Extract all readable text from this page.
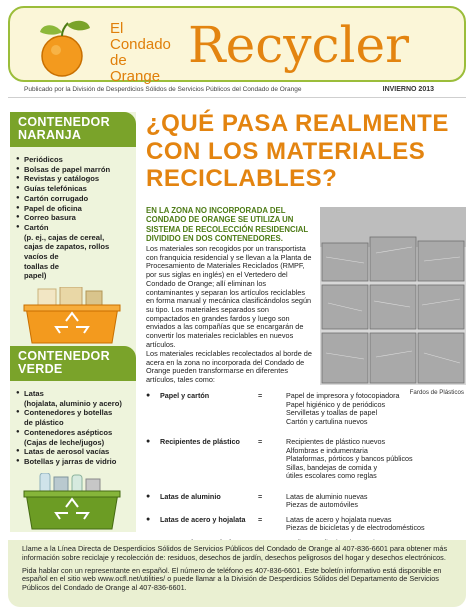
El
Condado
de Orange
Recycler
Publicado por la División de Desperdicios Sólidos de Servicios Públicos del Condado de Orange	INVIERNO 2013
CONTENEDOR
NARANJA
● Periódicos
● Bolsas de papel marrón
● Revistas y catálogos
● Guías telefónicas
● Cartón corrugado
● Papel de oficina
● Correo basura
● Cartón
(p. ej., cajas de cereal,
cajas de zapatos, rollos
vacíos de
toallas de
papel)
CONTENEDOR
VERDE
● Latas
(hojalata, aluminio y acero)
● Contenedores y botellas
de plástico
● Contenedores asépticos
(Cajas de leche/jugos)
● Latas de aerosol vacías
● Botellas y jarras de vidrio
¿QUÉ PASA REALMENTE
CON LOS MATERIALES
RECICLABLES?

EN LA ZONA NO INCORPORADA DEL CONDADO DE ORANGE SE UTILIZA UN SISTEMA DE RECOLECCIÓN RESIDENCIAL DIVIDIDO EN DOS CONTENEDORES.

Los materiales son recogidos por un transportista con franquicia residencial y se llevan a la Planta de Procesamiento de Materiales Reciclados (RMPF, por sus siglas en inglés) en el Vertedero del Condado de Orange; allí eliminan los contaminantes y separan los artículos reciclables en forma manual y mecánica clasificándolos según su tipo. Los materiales separados son compactados en grandes fardos y luego son enviados a las compañías que se encargarán de convertir los materiales reciclables en nuevos artículos.

Los materiales reciclables recolectados al borde de acera en la zona no incorporada del Condado de Orange pueden transformarse en diferentes artículos, tales como:

Fardos de Plásticos
● Papel y cartón	=	Papel de impresora y fotocopiadora
Papel higiénico y de periódicos
Servilletas y toallas de papel
Cartón y cartulina nuevos
● Recipientes de plástico	=	Recipientes de plástico nuevos
Alfombras e indumentaria
Plataformas, pórticos y bancos públicos
Sillas, bandejas de comida y
útiles escolares como reglas
● Latas de aluminio	=	Latas de aluminio nuevas
Piezas de automóviles
● Latas de acero y hojalata =	Latas de acero y hojalata nuevas
Piezas de bicicletas y de electrodomésticos

Llame a la Línea Directa de Desperdicios Sólidos de Servicios Públicos del Condado de Orange al 407-836-6601 para obtener más información sobre reciclaje y recolección de: residuos, desechos de jardín, desechos peligrosos del hogar y desechos electrónicos.

Pida hablar con un representante en español. El número de teléfono es 407-836-6601. Este boletín informativo está disponible en español en el sitio web www.ocfl.net/utilities/ o puede llamar a la División de Desperdicios Sólidos del Departamento de Servicios Públicos del Condado de Orange al 407-836-6601.
